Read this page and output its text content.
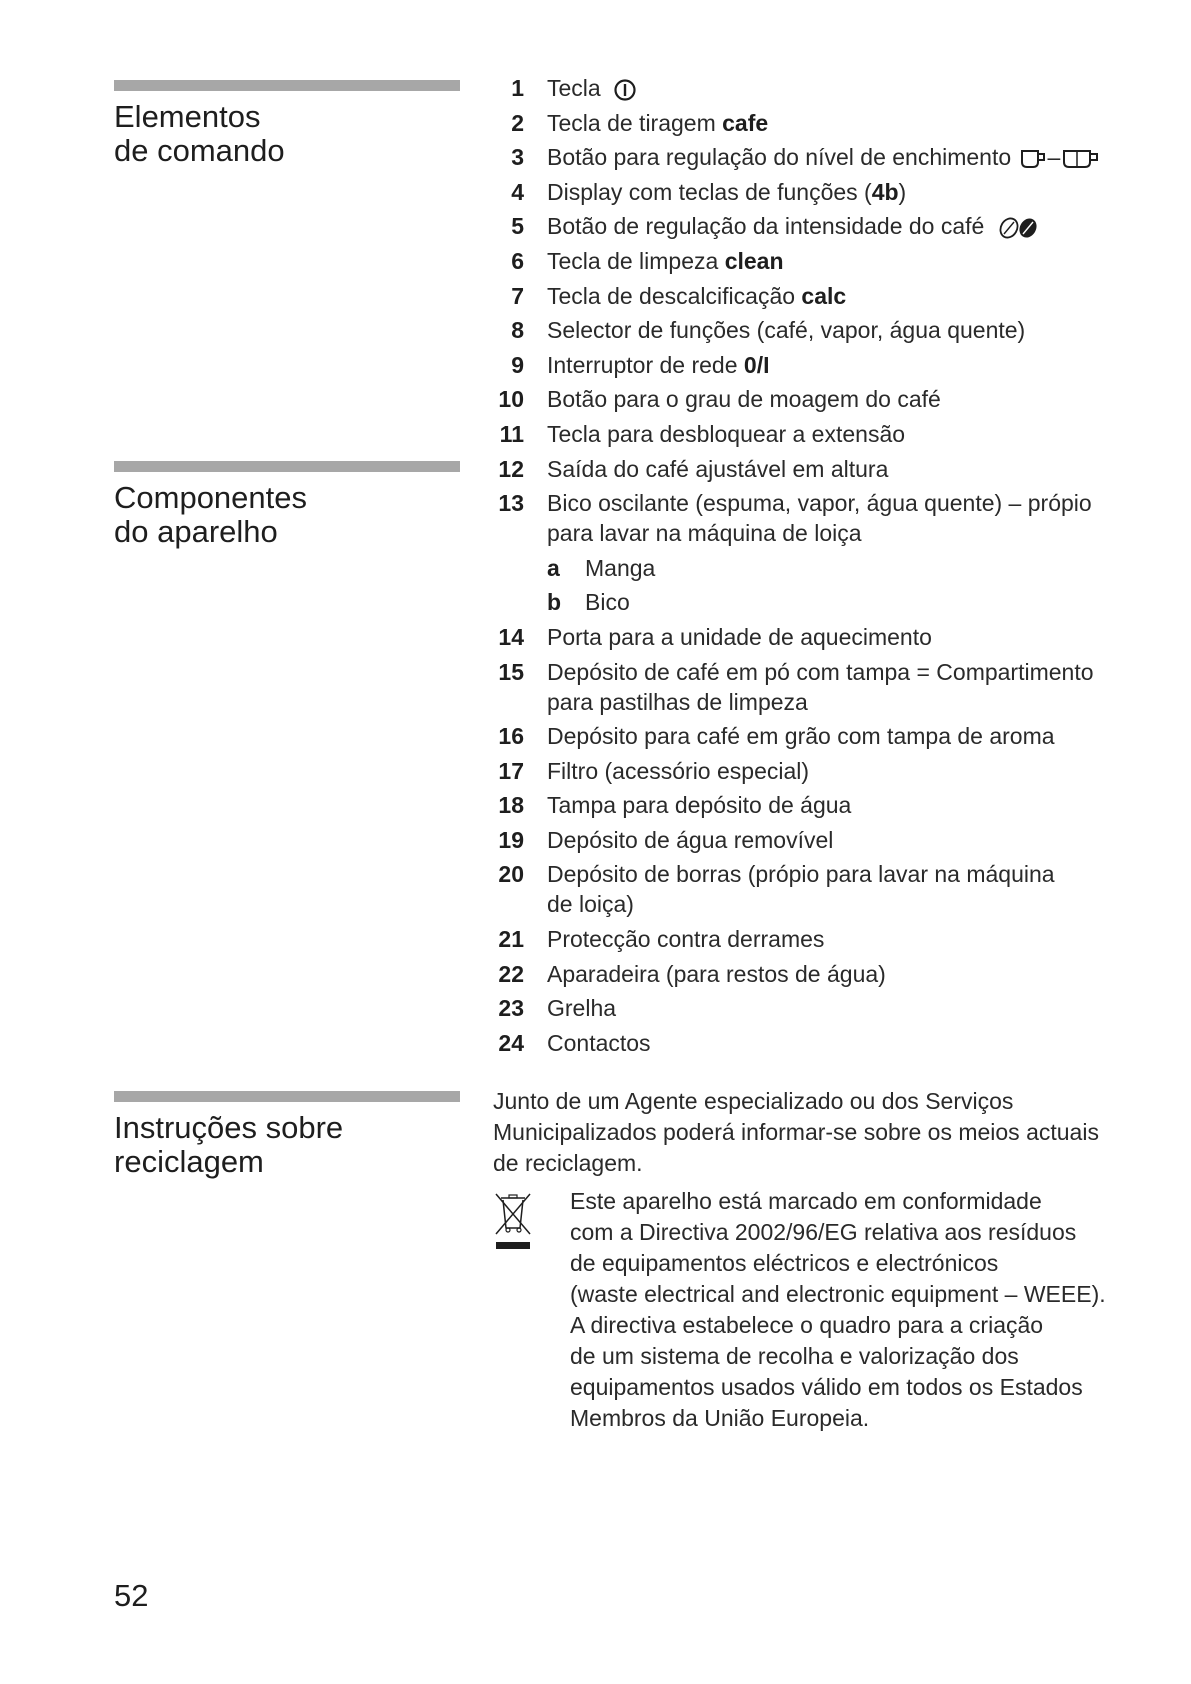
Elementos
de comando
Componentes
do aparelho
Instruções sobre
reciclagem
1 Tecla
2 Tecla de tiragem cafe
3 Botão para regulação do nível de enchimento –
4 Display com teclas de funções (4b)
5 Botão de regulação da intensidade do café
6 Tecla de limpeza clean
7 Tecla de descalcificação calc
8 Selector de funções (café, vapor, água quente)
9 Interruptor de rede 0/I
10 Botão para o grau de moagem do café
11 Tecla para desbloquear a extensão
12 Saída do café ajustável em altura
13 Bico oscilante (espuma, vapor, água quente) – própio
para lavar na máquina de loiça
a	Manga
b	Bico
14 Porta para a unidade de aquecimento
15 Depósito de café em pó com tampa = Compartimento
para pastilhas de limpeza
16 Depósito para café em grão com tampa de aroma
17 Filtro (acessório especial)
18 Tampa para depósito de água
19 Depósito de água removível
20 Depósito de borras (própio para lavar na máquina
de loiça)
21 Protecção contra derrames
22 Aparadeira (para restos de água)
23 Grelha
24 Contactos

Junto de um Agente especializado ou dos Serviços

Municipalizados poderá informar-se sobre os meios actuais

de reciclagem.

Este aparelho está marcado em conformidade

com a Directiva 2002/96/EG relativa aos resíduos

de equipamentos eléctricos e electrónicos

(waste electrical and electronic equipment – WEEE).

A directiva estabelece o quadro para a criação

de um sistema de recolha e valorização dos

equipamentos usados válido em todos os Estados

Membros da União Europeia.

52
